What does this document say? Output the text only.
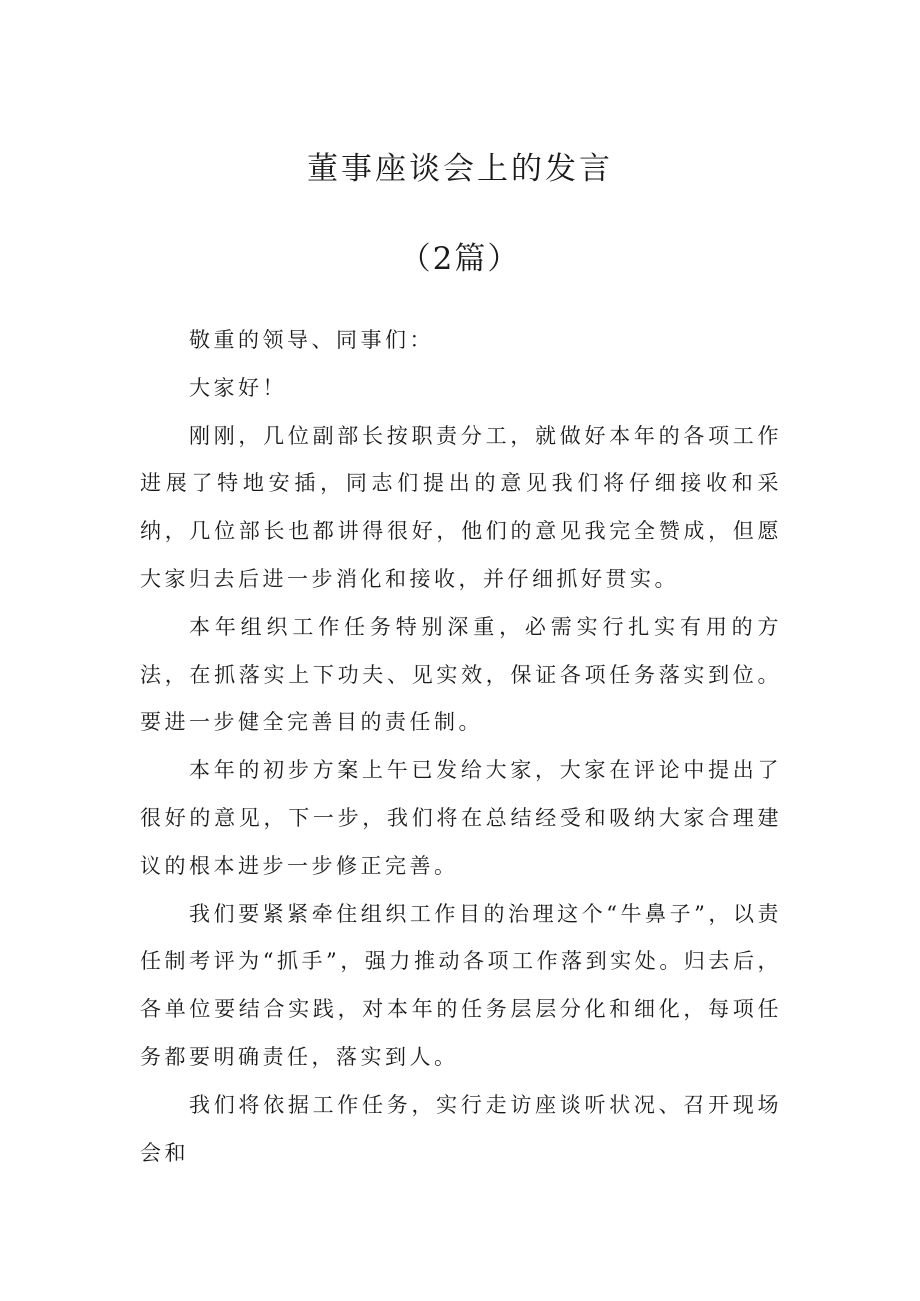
董事座谈会上的发言
（2篇）

敬重的领导、同事们：

大家好！

刚刚，几位副部长按职责分工，就做好本年的各项工作进展了特地安插，同志们提出的意见我们将仔细接收和采纳，几位部长也都讲得很好，他们的意见我完全赞成，但愿大家归去后进一步消化和接收，并仔细抓好贯实。

本年组织工作任务特别深重，必需实行扎实有用的方法，在抓落实上下功夫、见实效，保证各项任务落实到位。要进一步健全完善目的责任制。

本年的初步方案上午已发给大家，大家在评论中提出了很好的意见，下一步，我们将在总结经受和吸纳大家合理建议的根本进步一步修正完善。

我们要紧紧牵住组织工作目的治理这个“牛鼻子”，以责任制考评为“抓手”，强力推动各项工作落到实处。归去后，各单位要结合实践，对本年的任务层层分化和细化，每项任务都要明确责任，落实到人。

我们将依据工作任务，实行走访座谈听状况、召开现场会和
